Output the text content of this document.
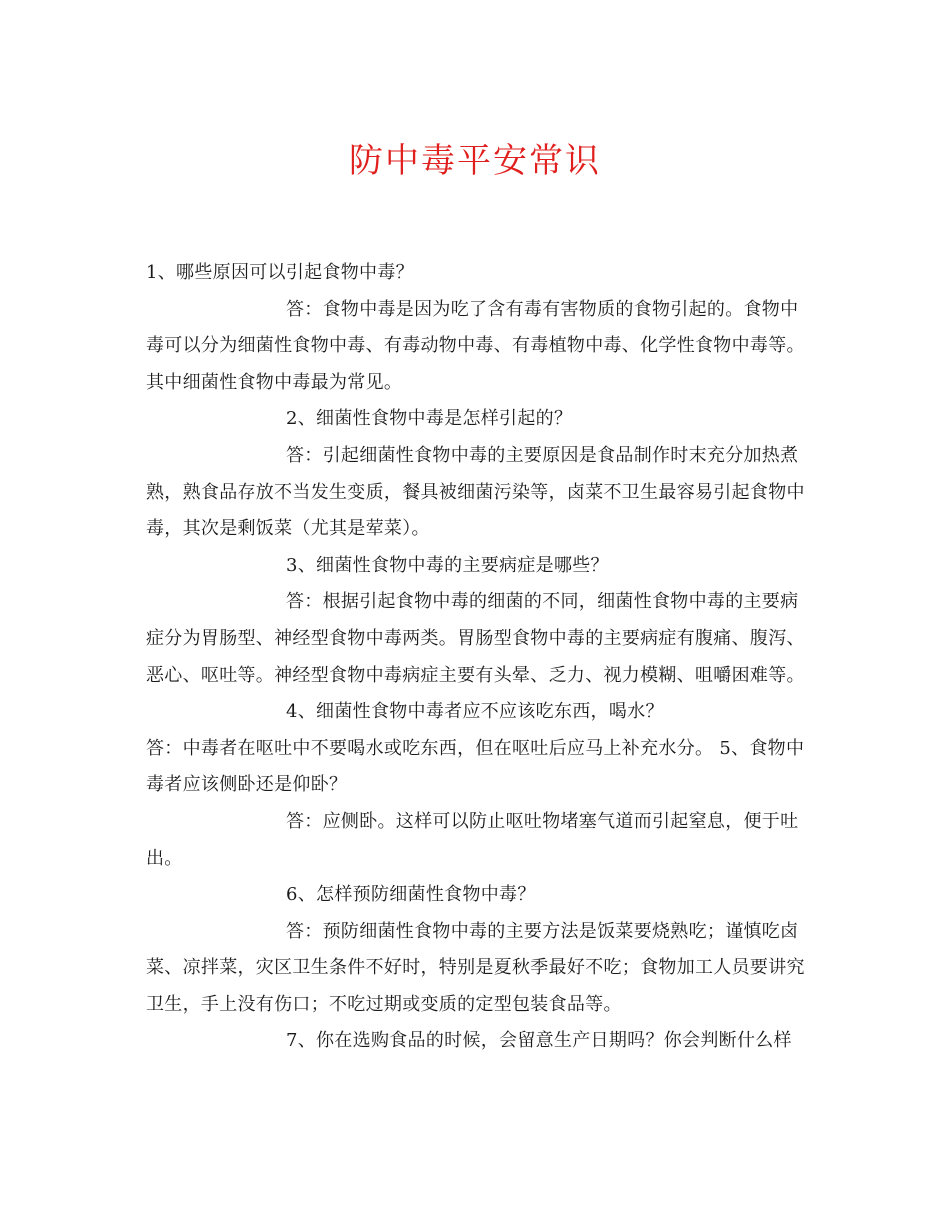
防中毒平安常识

1、哪些原因可以引起食物中毒？

答：食物中毒是因为吃了含有毒有害物质的食物引起的。食物中毒可以分为细菌性食物中毒、有毒动物中毒、有毒植物中毒、化学性食物中毒等。其中细菌性食物中毒最为常见。

2、细菌性食物中毒是怎样引起的？

答：引起细菌性食物中毒的主要原因是食品制作时末充分加热煮熟，熟食品存放不当发生变质，餐具被细菌污染等，卤菜不卫生最容易引起食物中毒，其次是剩饭菜（尤其是荤菜）。

3、细菌性食物中毒的主要病症是哪些？

答：根据引起食物中毒的细菌的不同，细菌性食物中毒的主要病症分为胃肠型、神经型食物中毒两类。胃肠型食物中毒的主要病症有腹痛、腹泻、恶心、呕吐等。神经型食物中毒病症主要有头晕、乏力、视力模糊、咀嚼困难等。

4、细菌性食物中毒者应不应该吃东西，喝水？

答：中毒者在呕吐中不要喝水或吃东西，但在呕吐后应马上补充水分。 5、食物中毒者应该侧卧还是仰卧？

答：应侧卧。这样可以防止呕吐物堵塞气道而引起窒息，便于吐出。

6、怎样预防细菌性食物中毒？

答：预防细菌性食物中毒的主要方法是饭菜要烧熟吃；谨慎吃卤菜、凉拌菜，灾区卫生条件不好时，特别是夏秋季最好不吃；食物加工人员要讲究卫生，手上没有伤口；不吃过期或变质的定型包装食品等。

7、你在选购食品的时候，会留意生产日期吗？你会判断什么样
